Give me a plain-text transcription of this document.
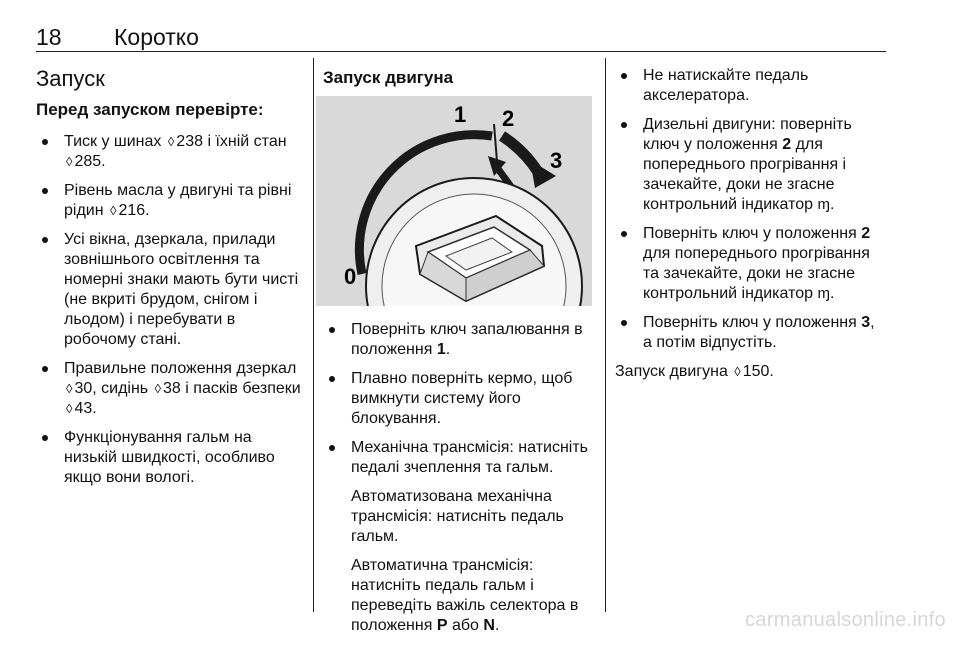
18 Коротко
Запуск
Перед запуском перевірте:
Тиск у шинах ◊ 238 і їхній стан ◊ 285.
Рівень масла у двигуні та рівні рідин ◊ 216.
Усі вікна, дзеркала, прилади зовнішнього освітлення та номерні знаки мають бути чисті (не вкриті брудом, снігом і льодом) і перебувати в робочому стані.
Правильне положення дзеркал ◊ 30, сидінь ◊ 38 і пасків безпеки ◊ 43.
Функціонування гальм на низькій швидкості, особливо якщо вони вологі.
Запуск двигуна
0
1 2
3
Поверніть ключ запалювання в положення 1.
Плавно поверніть кермо, щоб вимкнути систему його блокування.
Механічна трансмісія: натисніть педалі зчеплення та гальм.

Автоматизована механічна трансмісія: натисніть педаль гальм.

Автоматична трансмісія: натисніть педаль гальм і переведіть важіль селектора в положення P або N.

Не натискайте педаль акселератора.
Дизельні двигуни: поверніть ключ у положення 2 для попереднього прогрівання і зачекайте, доки не згасне контрольний індикатор ɱ.
Поверніть ключ у положення 2 для попереднього прогрівання та зачекайте, доки не згасне контрольний індикатор ɱ.
Поверніть ключ у положення 3, а потім відпустіть.
Запуск двигуна ◊ 150.
carmanualsonline.info
